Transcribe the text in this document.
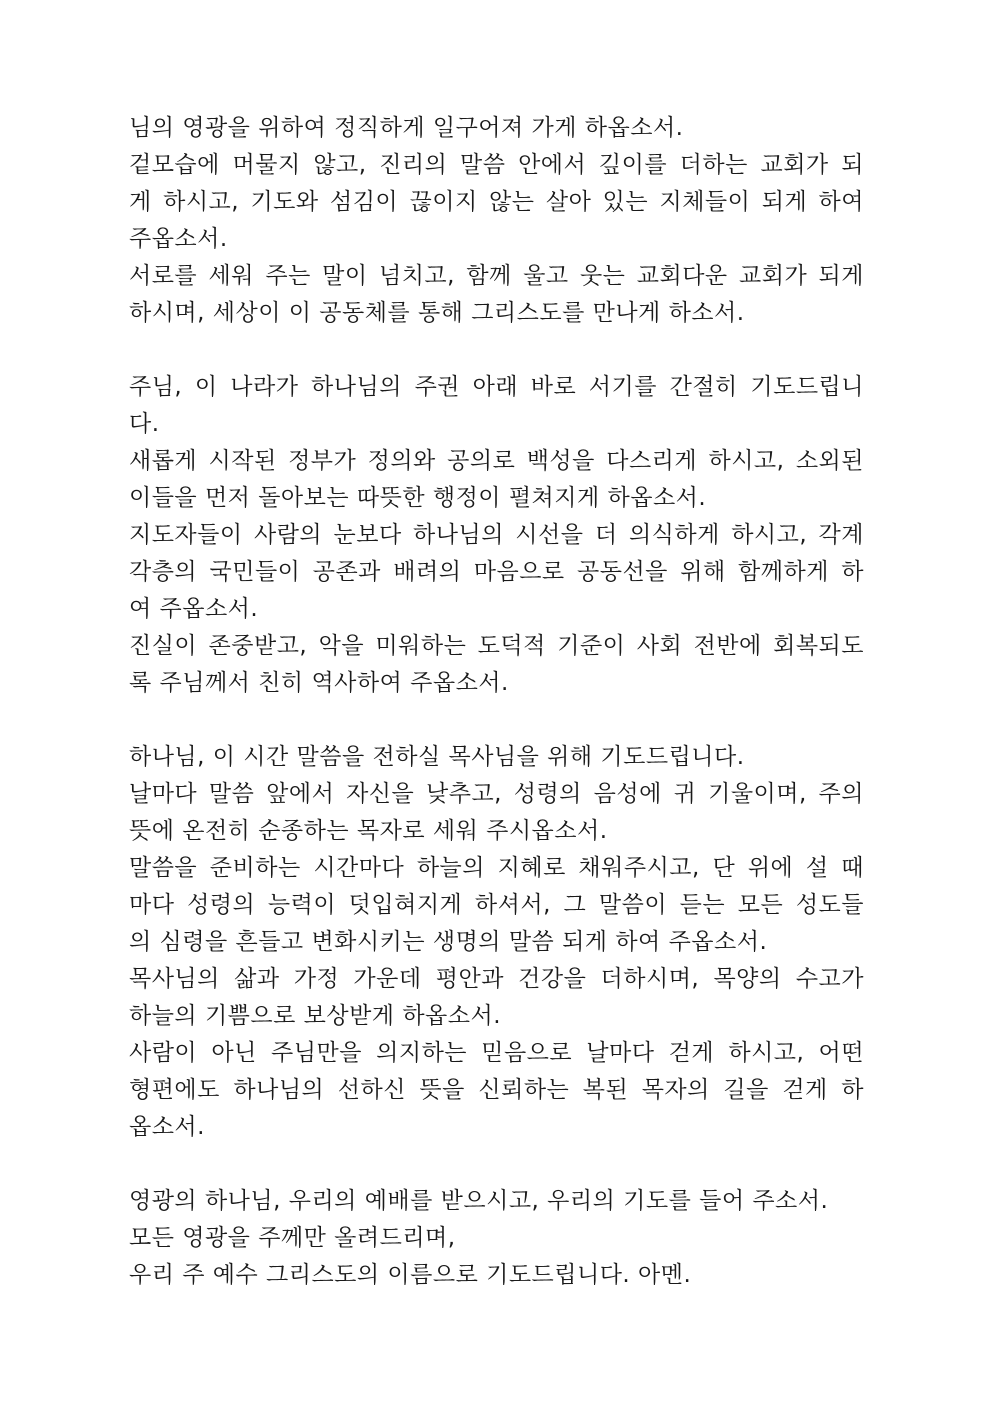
님의 영광을 위하여 정직하게 일구어져 가게 하옵소서.
겉모습에 머물지 않고, 진리의 말씀 안에서 깊이를 더하는 교회가 되
게 하시고, 기도와 섬김이 끊이지 않는 살아 있는 지체들이 되게 하여
주옵소서.
서로를 세워 주는 말이 넘치고, 함께 울고 웃는 교회다운 교회가 되게
하시며, 세상이 이 공동체를 통해 그리스도를 만나게 하소서.
주님, 이 나라가 하나님의 주권 아래 바로 서기를 간절히 기도드립니
다.
새롭게 시작된 정부가 정의와 공의로 백성을 다스리게 하시고, 소외된
이들을 먼저 돌아보는 따뜻한 행정이 펼쳐지게 하옵소서.
지도자들이 사람의 눈보다 하나님의 시선을 더 의식하게 하시고, 각계
각층의 국민들이 공존과 배려의 마음으로 공동선을 위해 함께하게 하
여 주옵소서.
진실이 존중받고, 악을 미워하는 도덕적 기준이 사회 전반에 회복되도
록 주님께서 친히 역사하여 주옵소서.
하나님, 이 시간 말씀을 전하실 목사님을 위해 기도드립니다.
날마다 말씀 앞에서 자신을 낮추고, 성령의 음성에 귀 기울이며, 주의
뜻에 온전히 순종하는 목자로 세워 주시옵소서.
말씀을 준비하는 시간마다 하늘의 지혜로 채워주시고, 단 위에 설 때
마다 성령의 능력이 덧입혀지게 하셔서, 그 말씀이 듣는 모든 성도들
의 심령을 흔들고 변화시키는 생명의 말씀 되게 하여 주옵소서.
목사님의 삶과 가정 가운데 평안과 건강을 더하시며, 목양의 수고가
하늘의 기쁨으로 보상받게 하옵소서.
사람이 아닌 주님만을 의지하는 믿음으로 날마다 걷게 하시고, 어떤
형편에도 하나님의 선하신 뜻을 신뢰하는 복된 목자의 길을 걷게 하
옵소서.
영광의 하나님, 우리의 예배를 받으시고, 우리의 기도를 들어 주소서.
모든 영광을 주께만 올려드리며,
우리 주 예수 그리스도의 이름으로 기도드립니다. 아멘.
